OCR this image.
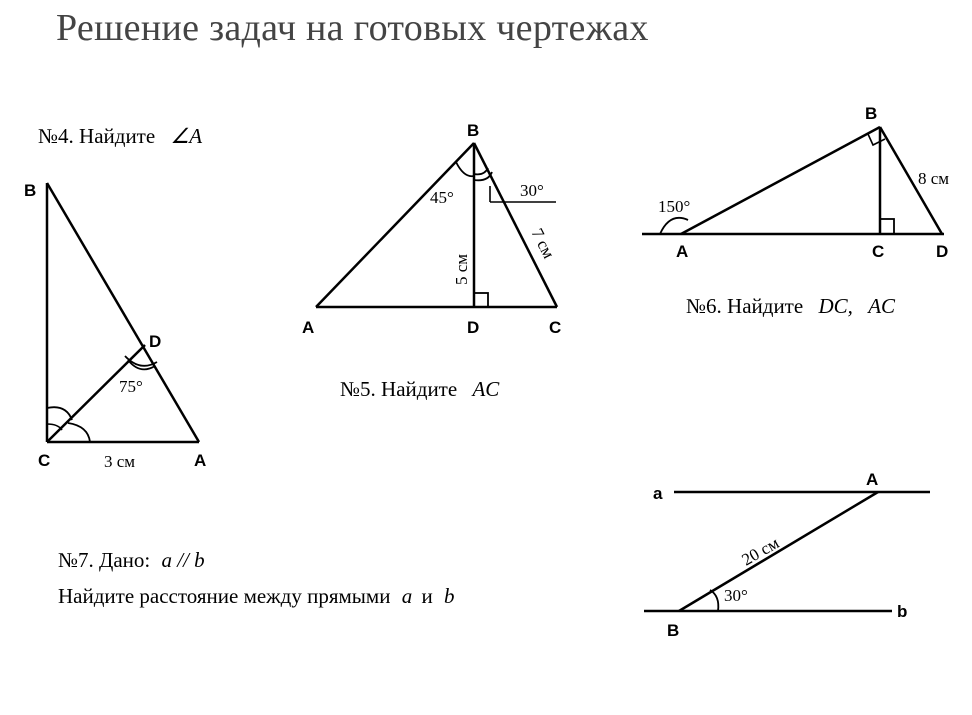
Решение задач на готовых чертежах
№4. Найдите ∠A
№5. Найдите AC
№6. Найдите DC,   AC
№7. Дано: a // b
Найдите расстояние между прямыми a и b
B
D
C	A
75°
3 см
B
A	D	C
45°	30°
5 см
7 см
B
A	C	D
150°
8 см
a
b
A
B
20 см
30°
